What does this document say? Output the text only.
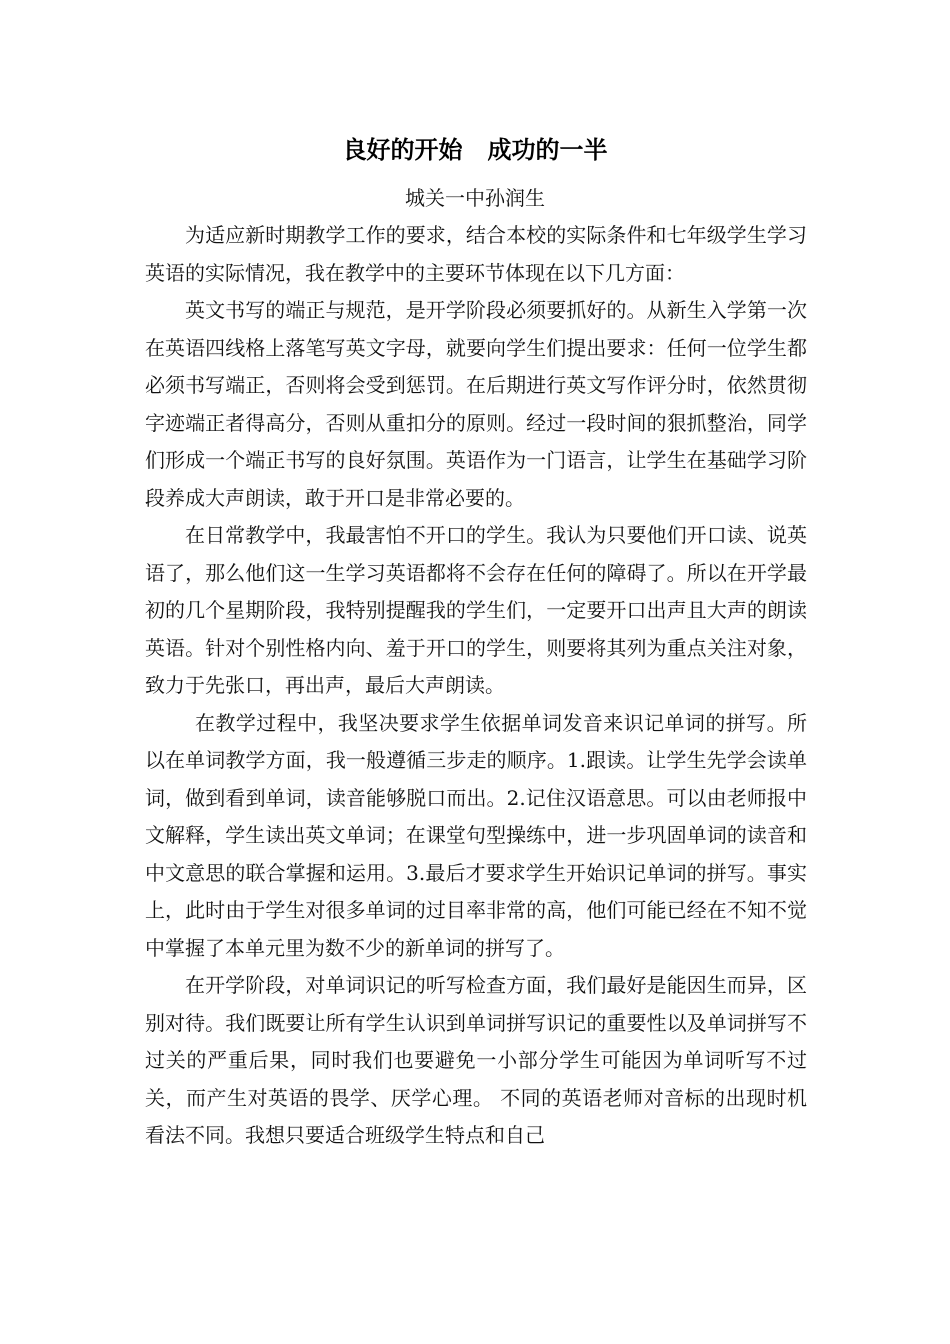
良好的开始   成功的一半
城关一中孙润生

为适应新时期教学工作的要求，结合本校的实际条件和七年级学生学习英语的实际情况，我在教学中的主要环节体现在以下几方面：

英文书写的端正与规范，是开学阶段必须要抓好的。从新生入学第一次在英语四线格上落笔写英文字母，就要向学生们提出要求：任何一位学生都必须书写端正，否则将会受到惩罚。在后期进行英文写作评分时，依然贯彻字迹端正者得高分，否则从重扣分的原则。经过一段时间的狠抓整治，同学们形成一个端正书写的良好氛围。英语作为一门语言，让学生在基础学习阶段养成大声朗读，敢于开口是非常必要的。

在日常教学中，我最害怕不开口的学生。我认为只要他们开口读、说英语了，那么他们这一生学习英语都将不会存在任何的障碍了。所以在开学最初的几个星期阶段，我特别提醒我的学生们，一定要开口出声且大声的朗读英语。针对个别性格内向、羞于开口的学生，则要将其列为重点关注对象，致力于先张口，再出声，最后大声朗读。

在教学过程中，我坚决要求学生依据单词发音来识记单词的拼写。所以在单词教学方面，我一般遵循三步走的顺序。1.跟读。让学生先学会读单词，做到看到单词，读音能够脱口而出。2.记住汉语意思。可以由老师报中文解释，学生读出英文单词；在课堂句型操练中，进一步巩固单词的读音和中文意思的联合掌握和运用。3.最后才要求学生开始识记单词的拼写。事实上，此时由于学生对很多单词的过目率非常的高，他们可能已经在不知不觉中掌握了本单元里为数不少的新单词的拼写了。

在开学阶段，对单词识记的听写检查方面，我们最好是能因生而异，区别对待。我们既要让所有学生认识到单词拼写识记的重要性以及单词拼写不过关的严重后果，同时我们也要避免一小部分学生可能因为单词听写不过关，而产生对英语的畏学、厌学心理。 不同的英语老师对音标的出现时机看法不同。我想只要适合班级学生特点和自己
